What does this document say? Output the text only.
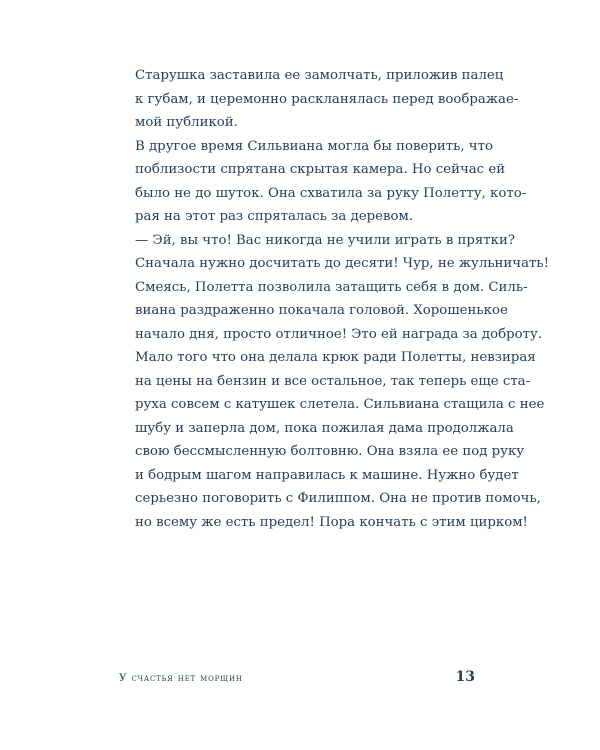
Старушка заставила ее замолчать, приложив палец
к губам, и церемонно раскланялась перед воображае-
мой публикой.

В другое время Сильвиана могла бы поверить, что
поблизости спрятана скрытая камера. Но сейчас ей
было не до шуток. Она схватила за руку Полетту, кото-
рая на этот раз спряталась за деревом.

— Эй, вы что! Вас никогда не учили играть в прятки?
Сначала нужно досчитать до десяти! Чур, не жульничать!

Смеясь, Полетта позволила затащить себя в дом. Силь-
виана раздраженно покачала головой. Хорошенькое
начало дня, просто отличное! Это ей награда за доброту.
Мало того что она делала крюк ради Полетты, невзирая
на цены на бензин и все остальное, так теперь еще ста-
руха совсем с катушек слетела. Сильвиана стащила с нее
шубу и заперла дом, пока пожилая дама продолжала
свою бессмысленную болтовню. Она взяла ее под руку
и бодрым шагом направилась к машине. Нужно будет
серьезно поговорить с Филиппом. Она не против помочь,
но всему же есть предел! Пора кончать с этим цирком!

У счастья нет морщин	13
